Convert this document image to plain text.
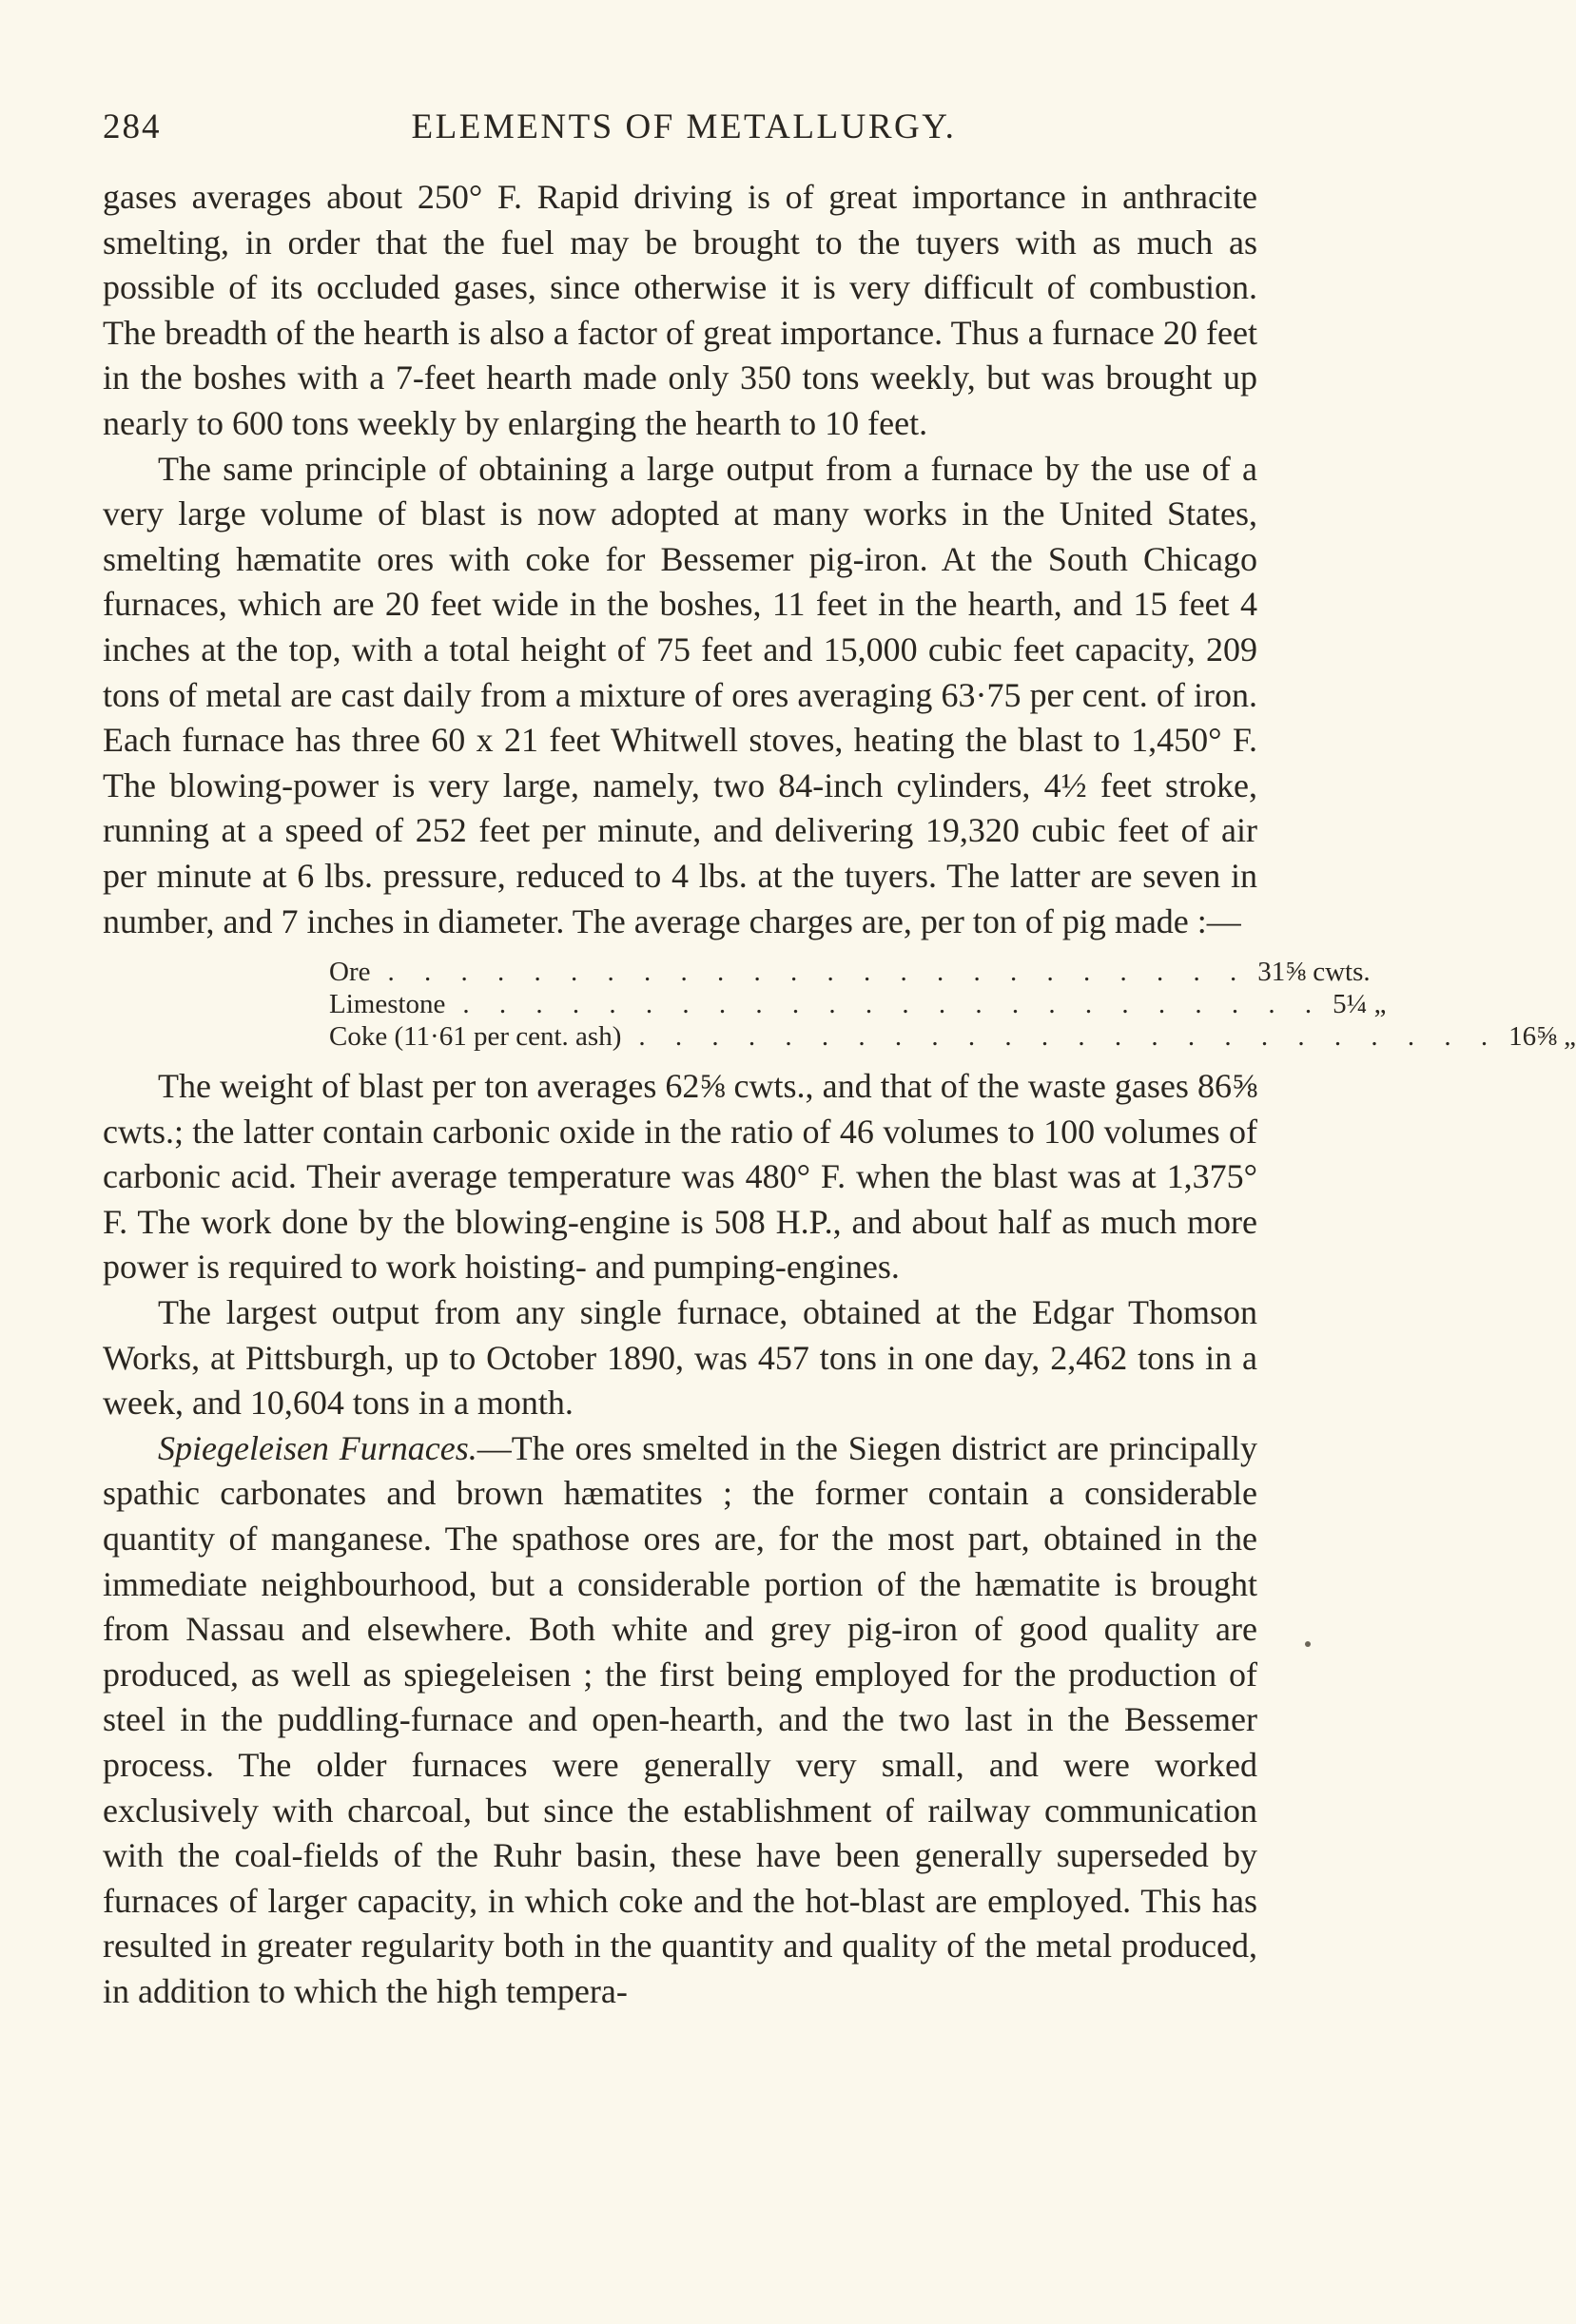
284	ELEMENTS OF METALLURGY.

gases averages about 250° F. Rapid driving is of great importance in anthracite smelting, in order that the fuel may be brought to the tuyers with as much as possible of its occluded gases, since otherwise it is very difficult of combustion. The breadth of the hearth is also a factor of great importance. Thus a furnace 20 feet in the boshes with a 7-feet hearth made only 350 tons weekly, but was brought up nearly to 600 tons weekly by enlarging the hearth to 10 feet.

The same principle of obtaining a large output from a furnace by the use of a very large volume of blast is now adopted at many works in the United States, smelting hæmatite ores with coke for Bessemer pig-iron. At the South Chicago furnaces, which are 20 feet wide in the boshes, 11 feet in the hearth, and 15 feet 4 inches at the top, with a total height of 75 feet and 15,000 cubic feet capacity, 209 tons of metal are cast daily from a mixture of ores averaging 63·75 per cent. of iron. Each furnace has three 60 x 21 feet Whitwell stoves, heating the blast to 1,450° F. The blowing-power is very large, namely, two 84-inch cylinders, 4½ feet stroke, running at a speed of 252 feet per minute, and delivering 19,320 cubic feet of air per minute at 6 lbs. pressure, reduced to 4 lbs. at the tuyers. The latter are seven in number, and 7 inches in diameter. The average charges are, per ton of pig made :—

Ore . . . . . . . . . . . . . . . . . . . . . . . . 31⅝ cwts.
Limestone . . . . . . . . . . . . . . . . . . . . . . . . 5¼ „
Coke (11·61 per cent. ash) . . . . . . . . . . . . . . . . . . . . . . . . 16⅝ „

The weight of blast per ton averages 62⅝ cwts., and that of the waste gases 86⅝ cwts.; the latter contain carbonic oxide in the ratio of 46 volumes to 100 volumes of carbonic acid. Their average temperature was 480° F. when the blast was at 1,375° F. The work done by the blowing-engine is 508 H.P., and about half as much more power is required to work hoisting- and pumping-engines.

The largest output from any single furnace, obtained at the Edgar Thomson Works, at Pittsburgh, up to October 1890, was 457 tons in one day, 2,462 tons in a week, and 10,604 tons in a month.

Spiegeleisen Furnaces.—The ores smelted in the Siegen district are principally spathic carbonates and brown hæmatites ; the former contain a considerable quantity of manganese. The spathose ores are, for the most part, obtained in the immediate neighbourhood, but a considerable portion of the hæmatite is brought from Nassau and elsewhere. Both white and grey pig-iron of good quality are produced, as well as spiegeleisen ; the first being employed for the production of steel in the puddling-furnace and open-hearth, and the two last in the Bessemer process. The older furnaces were generally very small, and were worked exclusively with charcoal, but since the establishment of railway communication with the coal-fields of the Ruhr basin, these have been generally superseded by furnaces of larger capacity, in which coke and the hot-blast are employed. This has resulted in greater regularity both in the quantity and quality of the metal produced, in addition to which the high tempera-
